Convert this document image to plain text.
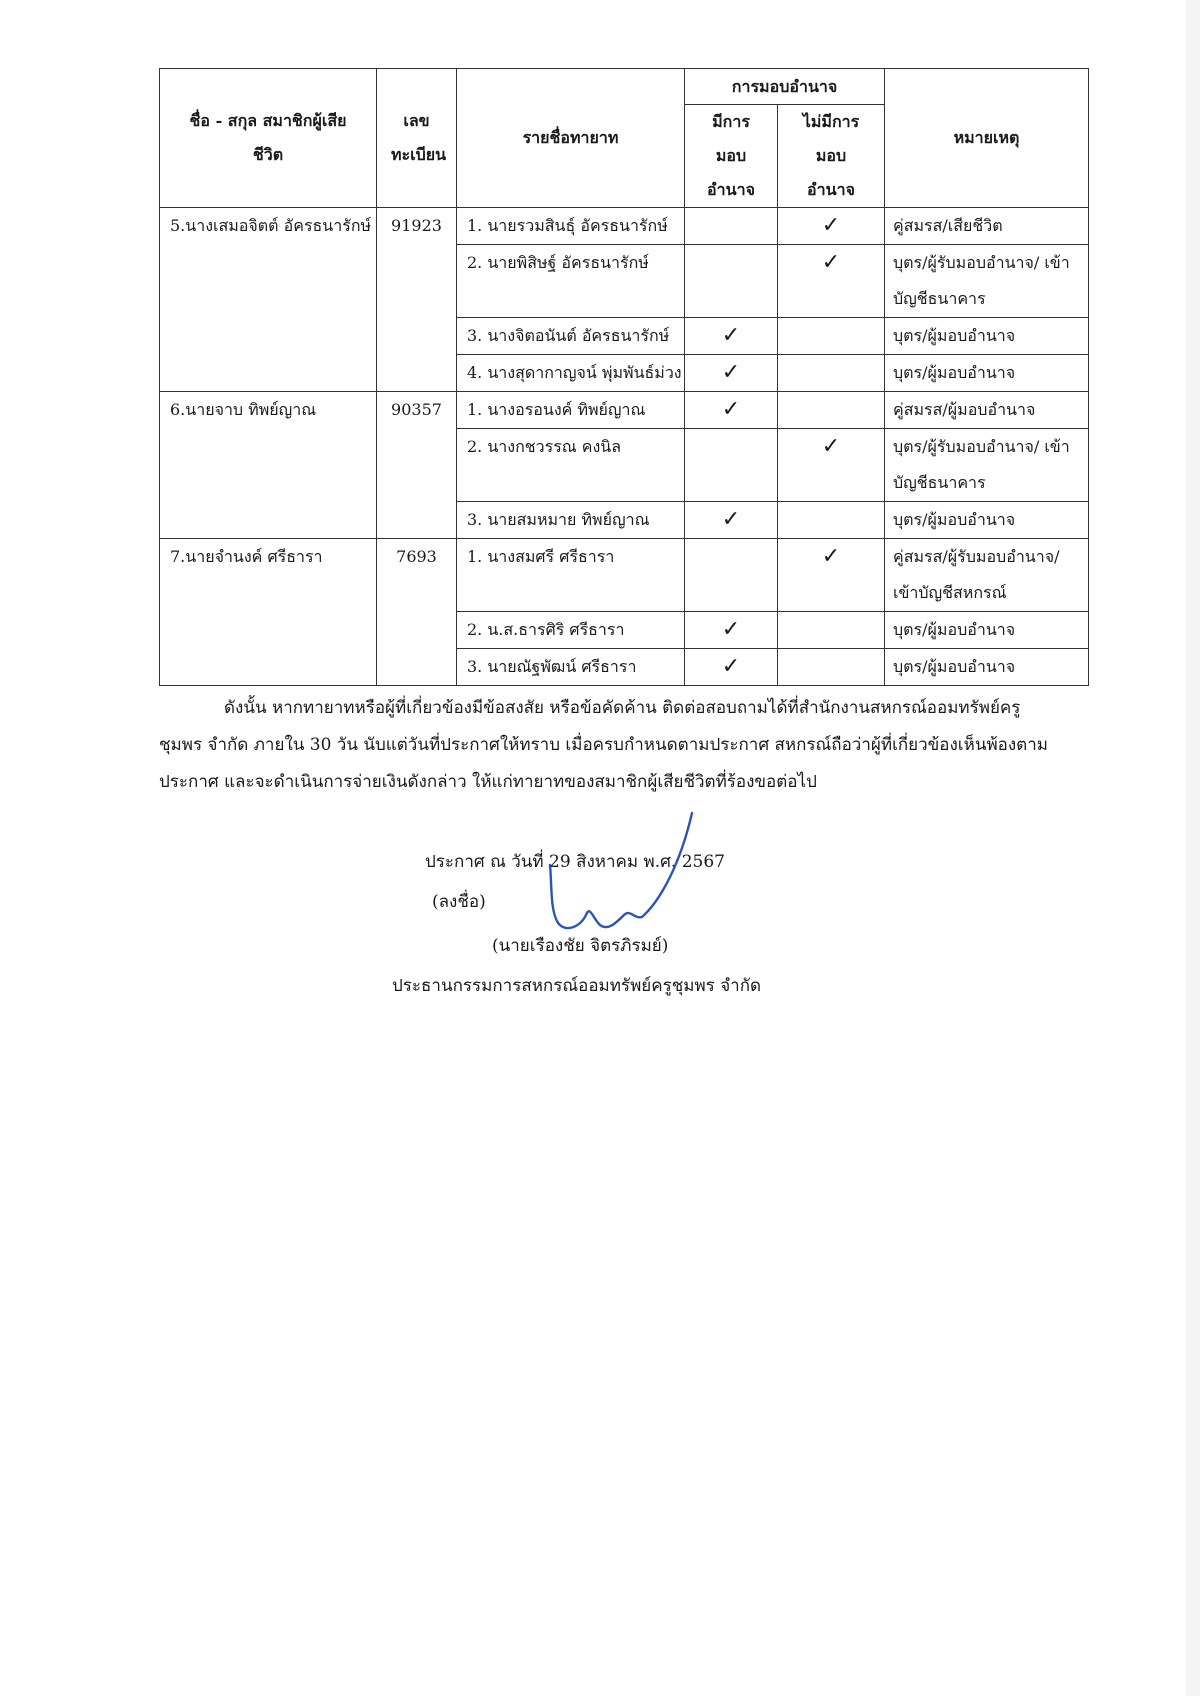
ชื่อ - สกุล สมาชิกผู้เสียชีวิต	เลข ทะเบียน	รายชื่อทายาท	การมอบอำนาจ		หมายเหตุ
			มีการมอบ อำนาจ	ไม่มีการ มอบอำนาจ	
5.นางเสมอจิตต์ อัครธนารักษ์	91923	1. นายรวมสินธุ์ อัครธนารักษ์		✓	คู่สมรส/เสียชีวิต
		2. นายพิสิษฐ์ อัครธนารักษ์		✓	บุตร/ผู้รับมอบอำนาจ/ เข้าบัญชีธนาคาร
		3. นางจิตอนันต์ อัครธนารักษ์	✓		บุตร/ผู้มอบอำนาจ
		4. นางสุดากาญจน์ พุ่มพันธ์ม่วง	✓		บุตร/ผู้มอบอำนาจ
6.นายจาบ ทิพย์ญาณ	90357	1. นางอรอนงค์ ทิพย์ญาณ	✓		คู่สมรส/ผู้มอบอำนาจ
		2. นางกชวรรณ คงนิล		✓	บุตร/ผู้รับมอบอำนาจ/ เข้าบัญชีธนาคาร
		3. นายสมหมาย ทิพย์ญาณ	✓		บุตร/ผู้มอบอำนาจ
7.นายจำนงค์ ศรีธารา	7693	1. นางสมศรี ศรีธารา		✓	คู่สมรส/ผู้รับมอบอำนาจ/ เข้าบัญชีสหกรณ์
		2. น.ส.ธารศิริ ศรีธารา	✓		บุตร/ผู้มอบอำนาจ
		3. นายณัฐพัฒน์ ศรีธารา	✓		บุตร/ผู้มอบอำนาจ
ดังนั้น หากทายาทหรือผู้ที่เกี่ยวข้องมีข้อสงสัย หรือข้อคัดค้าน ติดต่อสอบถามได้ที่สำนักงานสหกรณ์ออมทรัพย์ครูชุมพร จำกัด ภายใน 30 วัน นับแต่วันที่ประกาศให้ทราบ เมื่อครบกำหนดตามประกาศ สหกรณ์ถือว่าผู้ที่เกี่ยวข้องเห็นพ้องตามประกาศ และจะดำเนินการจ่ายเงินดังกล่าว ให้แก่ทายาทของสมาชิกผู้เสียชีวิตที่ร้องขอต่อไป
ประกาศ ณ วันที่ 29 สิงหาคม พ.ศ. 2567
(ลงชื่อ)
(นายเรืองชัย จิตรภิรมย์)
ประธานกรรมการสหกรณ์ออมทรัพย์ครูชุมพร จำกัด
